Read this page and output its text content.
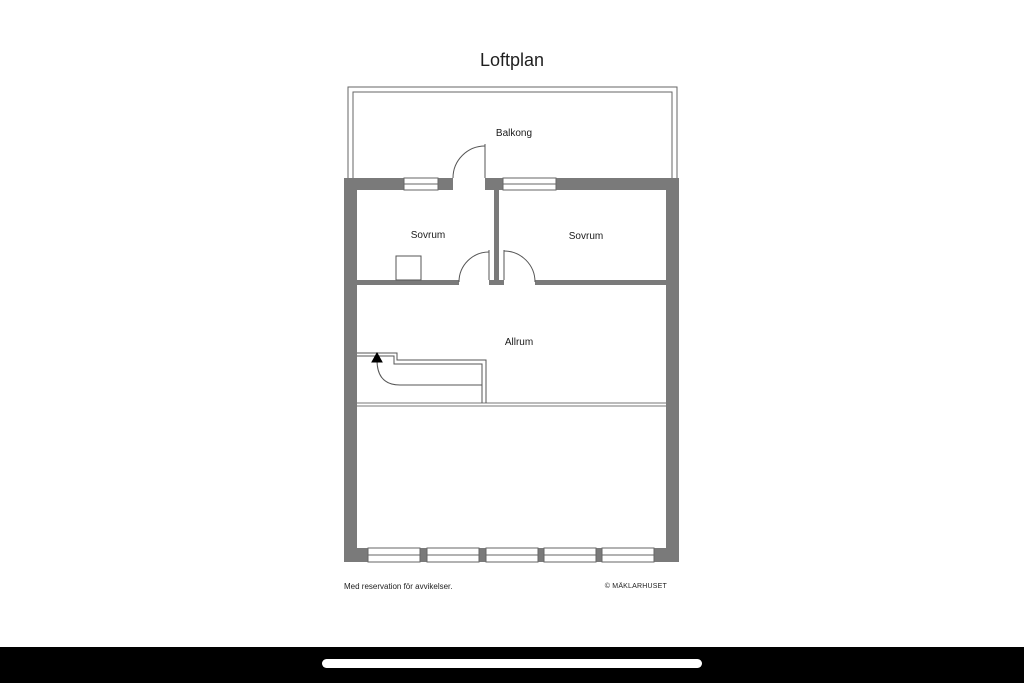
Loftplan
Balkong
Sovrum	Sovrum
Allrum
Med reservation för avvikelser.	© MÄKLARHUSET
